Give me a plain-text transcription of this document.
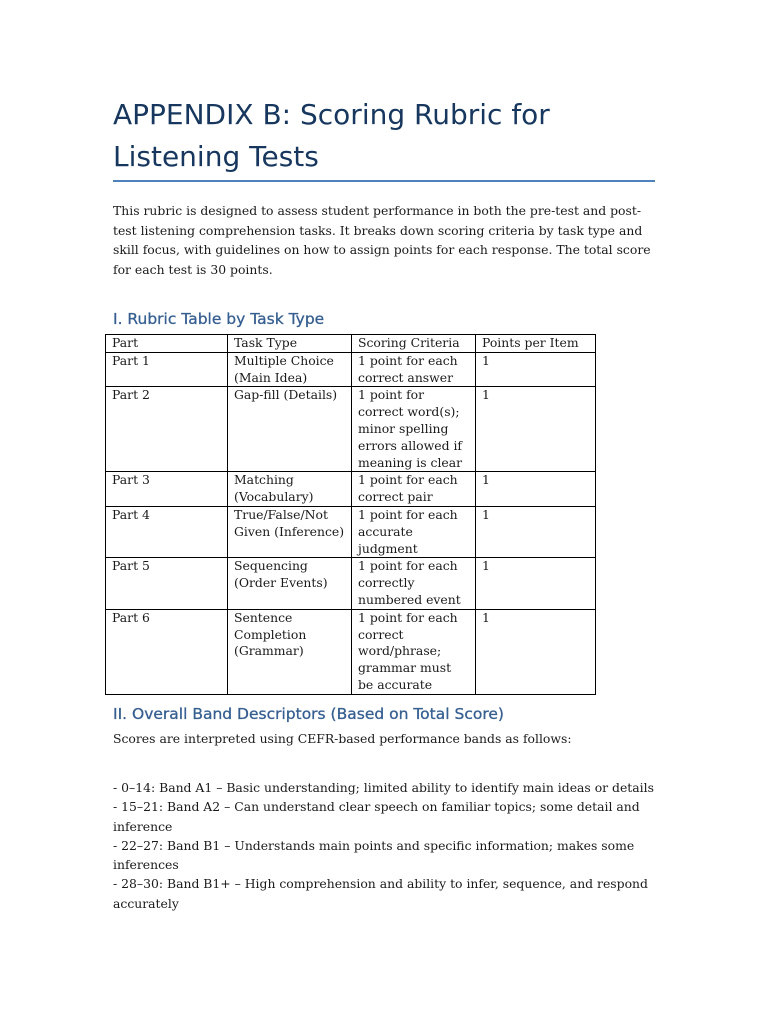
APPENDIX B: Scoring Rubric for Listening Tests

This rubric is designed to assess student performance in both the pre-test and post-test listening comprehension tasks. It breaks down scoring criteria by task type and skill focus, with guidelines on how to assign points for each response. The total score for each test is 30 points.

I. Rubric Table by Task Type
Part	Task Type	Scoring Criteria	Points per Item
Part 1	Multiple Choice (Main Idea)	1 point for each correct answer	1
Part 2	Gap-fill (Details)	1 point for correct word(s); minor spelling errors allowed if meaning is clear	1
Part 3	Matching (Vocabulary)	1 point for each correct pair	1
Part 4	True/False/Not Given (Inference)	1 point for each accurate judgment	1
Part 5	Sequencing (Order Events)	1 point for each correctly numbered event	1
Part 6	Sentence Completion (Grammar)	1 point for each correct word/phrase; grammar must be accurate	1
II. Overall Band Descriptors (Based on Total Score)

Scores are interpreted using CEFR-based performance bands as follows:

- 0–14: Band A1 – Basic understanding; limited ability to identify main ideas or details
- 15–21: Band A2 – Can understand clear speech on familiar topics; some detail and inference
- 22–27: Band B1 – Understands main points and specific information; makes some inferences
- 28–30: Band B1+ – High comprehension and ability to infer, sequence, and respond accurately
